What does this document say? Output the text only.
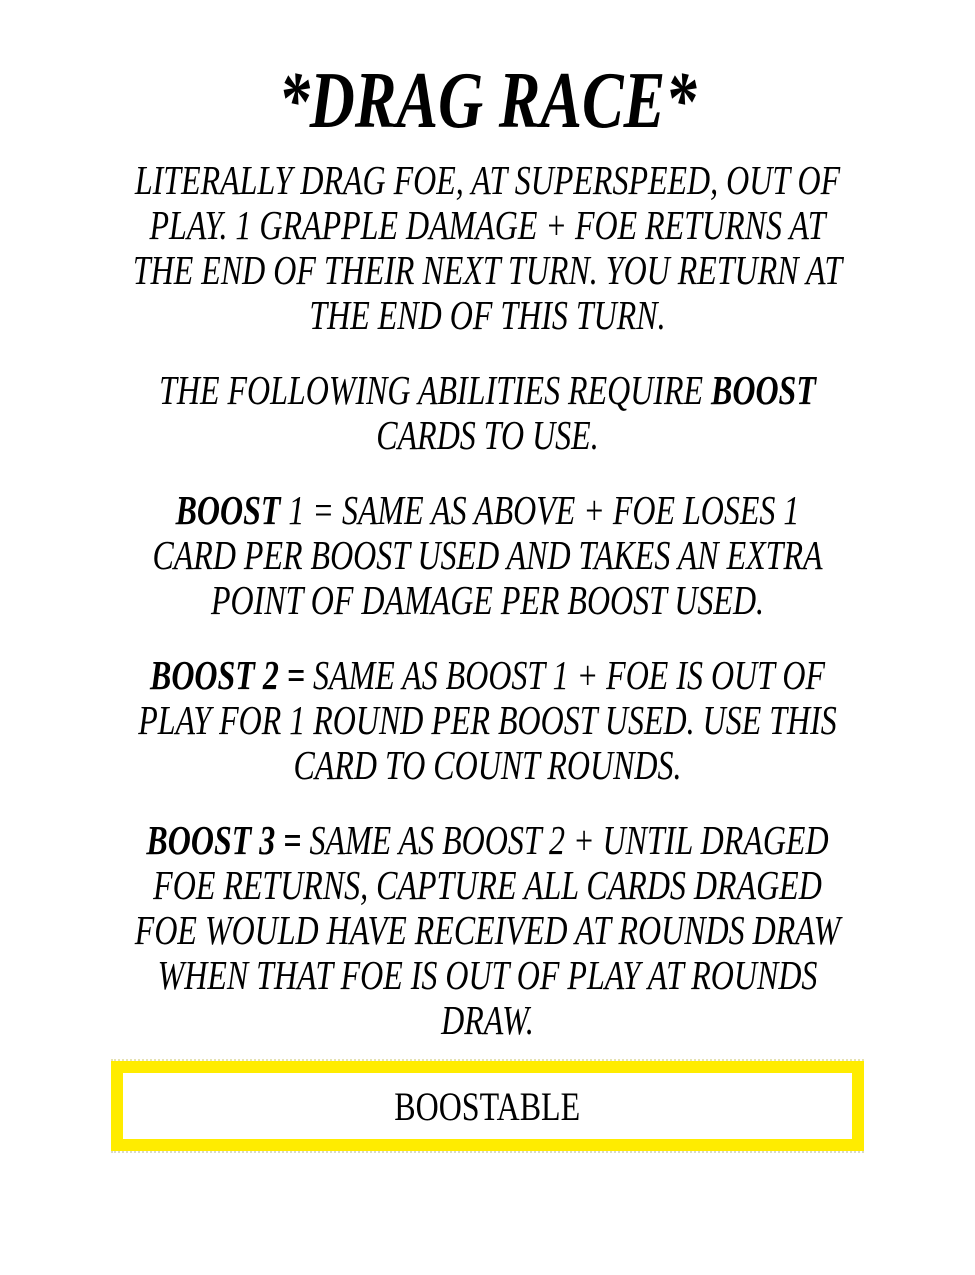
*DRAG RACE*
LITERALLY DRAG FOE, AT SUPERSPEED, OUT OF
PLAY. 1 GRAPPLE DAMAGE + FOE RETURNS AT
THE END OF THEIR NEXT TURN. YOU RETURN AT
THE END OF THIS TURN.
THE FOLLOWING ABILITIES REQUIRE BOOST
CARDS TO USE.
BOOST 1 = SAME AS ABOVE + FOE LOSES 1
CARD PER BOOST USED AND TAKES AN EXTRA
POINT OF DAMAGE PER BOOST USED.
BOOST 2 = SAME AS BOOST 1 + FOE IS OUT OF
PLAY FOR 1 ROUND PER BOOST USED. USE THIS
CARD TO COUNT ROUNDS.
BOOST 3 = SAME AS BOOST 2 + UNTIL DRAGED
FOE RETURNS, CAPTURE ALL CARDS DRAGED
FOE WOULD HAVE RECEIVED AT ROUNDS DRAW
WHEN THAT FOE IS OUT OF PLAY AT ROUNDS
DRAW.
BOOSTABLE
